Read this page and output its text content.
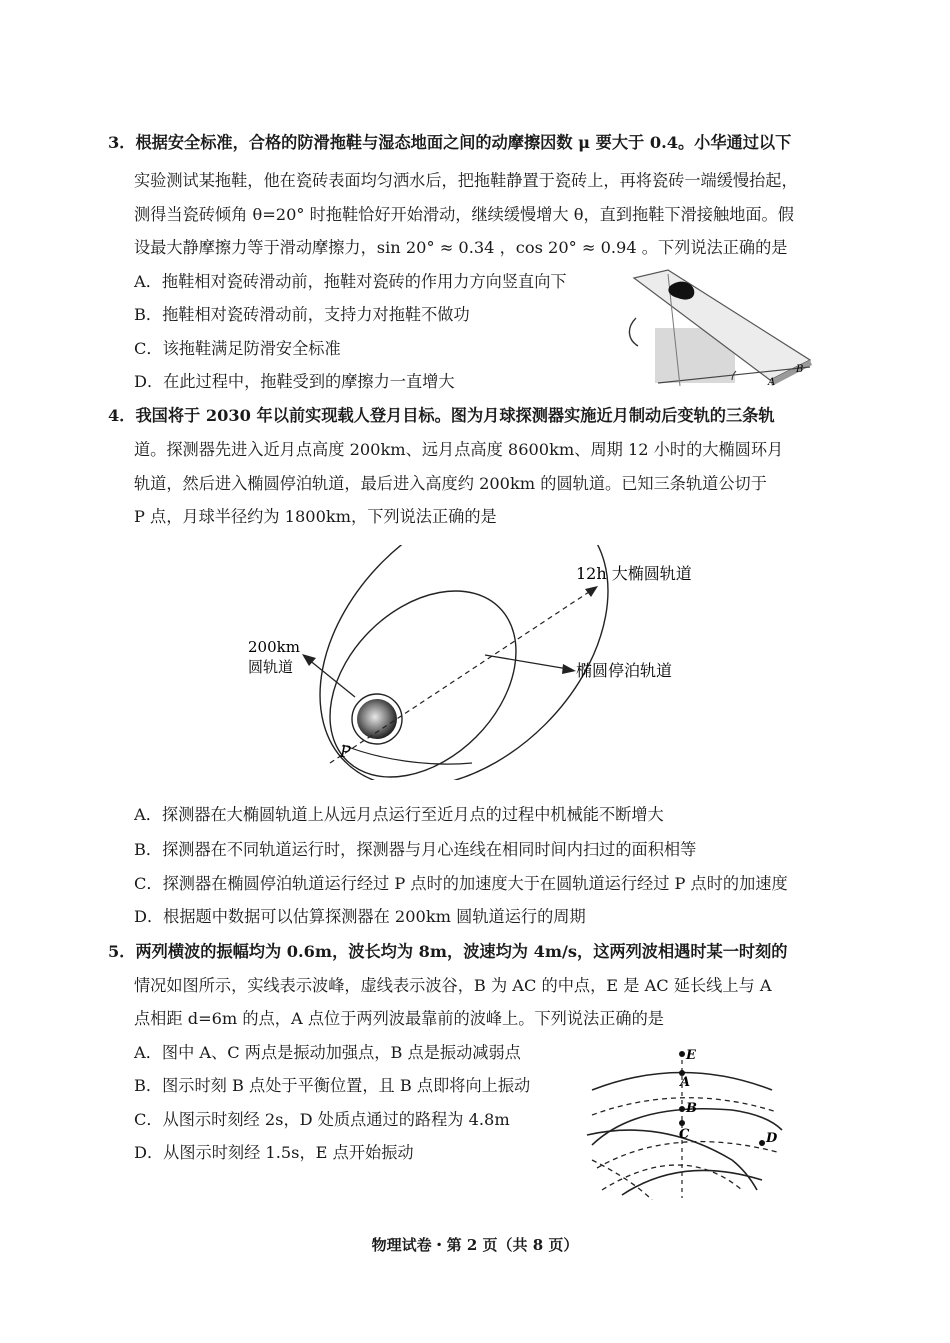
3．根据安全标准，合格的防滑拖鞋与湿态地面之间的动摩擦因数 μ 要大于 0.4。小华通过以下
实验测试某拖鞋，他在瓷砖表面均匀洒水后，把拖鞋静置于瓷砖上，再将瓷砖一端缓慢抬起，
测得当瓷砖倾角 θ=20° 时拖鞋恰好开始滑动，继续缓慢增大 θ，直到拖鞋下滑接触地面。假
设最大静摩擦力等于滑动摩擦力，sin 20° ≈ 0.34 ，cos 20° ≈ 0.94 。下列说法正确的是
A．拖鞋相对瓷砖滑动前，拖鞋对瓷砖的作用力方向竖直向下
B．拖鞋相对瓷砖滑动前，支持力对拖鞋不做功
C．该拖鞋满足防滑安全标准
D．在此过程中，拖鞋受到的摩擦力一直增大
B
A
4．我国将于 2030 年以前实现载人登月目标。图为月球探测器实施近月制动后变轨的三条轨
道。探测器先进入近月点高度 200km、远月点高度 8600km、周期 12 小时的大椭圆环月
轨道，然后进入椭圆停泊轨道，最后进入高度约 200km 的圆轨道。已知三条轨道公切于
P 点，月球半径约为 1800km，下列说法正确的是
12h 大椭圆轨道
200km
圆轨道	椭圆停泊轨道
P
A．探测器在大椭圆轨道上从远月点运行至近月点的过程中机械能不断增大
B．探测器在不同轨道运行时，探测器与月心连线在相同时间内扫过的面积相等
C．探测器在椭圆停泊轨道运行经过 P 点时的加速度大于在圆轨道运行经过 P 点时的加速度
D．根据题中数据可以估算探测器在 200km 圆轨道运行的周期
5．两列横波的振幅均为 0.6m，波长均为 8m，波速均为 4m/s，这两列波相遇时某一时刻的
情况如图所示，实线表示波峰，虚线表示波谷，B 为 AC 的中点，E 是 AC 延长线上与 A
点相距 d=6m 的点，A 点位于两列波最靠前的波峰上。下列说法正确的是
A．图中 A、C 两点是振动加强点，B 点是振动减弱点
B．图示时刻 B 点处于平衡位置，且 B 点即将向上振动
C．从图示时刻经 2s，D 处质点通过的路程为 4.8m
D．从图示时刻经 1.5s，E 点开始振动
E
A
B
C	D
物理试卷・第 2 页（共 8 页）
